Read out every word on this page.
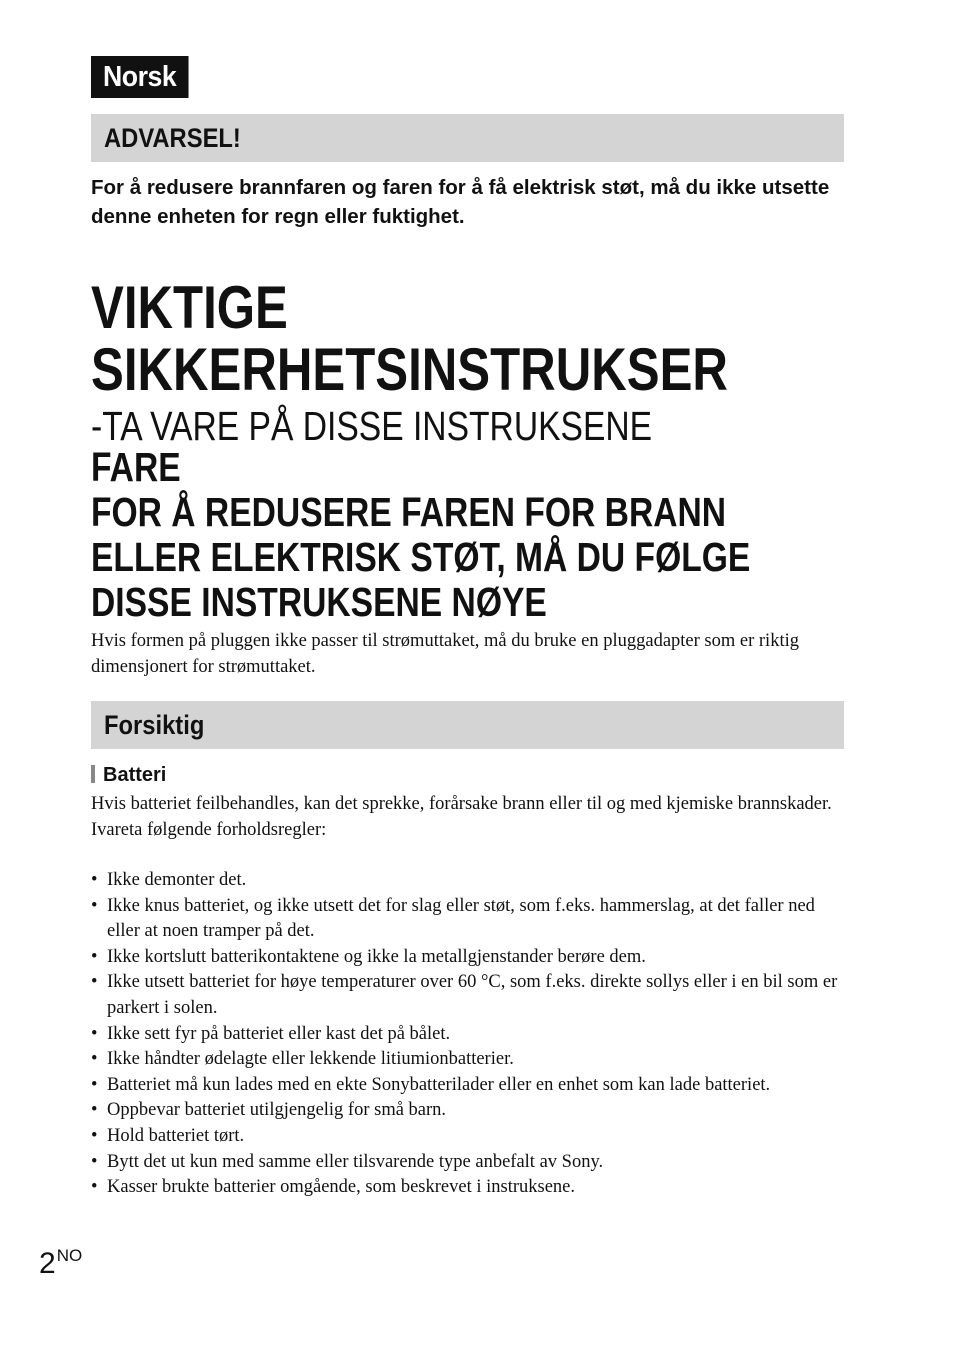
Norsk
ADVARSEL!
For å redusere brannfaren og faren for å få elektrisk støt, må du ikke utsette denne enheten for regn eller fuktighet.
VIKTIGE
SIKKERHETSINSTRUKSER
-TA VARE PÅ DISSE INSTRUKSENE
FARE
FOR Å REDUSERE FAREN FOR BRANN
ELLER ELEKTRISK STØT, MÅ DU FØLGE
DISSE INSTRUKSENE NØYE
Hvis formen på pluggen ikke passer til strømuttaket, må du bruke en pluggadapter som er riktig dimensjonert for strømuttaket.
Forsiktig
Batteri
Hvis batteriet feilbehandles, kan det sprekke, forårsake brann eller til og med kjemiske brannskader. Ivareta følgende forholdsregler:
• Ikke demonter det.
• Ikke knus batteriet, og ikke utsett det for slag eller støt, som f.eks. hammerslag, at det faller ned eller at noen tramper på det.
• Ikke kortslutt batterikontaktene og ikke la metallgjenstander berøre dem.
• Ikke utsett batteriet for høye temperaturer over 60 °C, som f.eks. direkte sollys eller i en bil som er parkert i solen.
• Ikke sett fyr på batteriet eller kast det på bålet.
• Ikke håndter ødelagte eller lekkende litiumionbatterier.
• Batteriet må kun lades med en ekte Sonybatterilader eller en enhet som kan lade batteriet.
• Oppbevar batteriet utilgjengelig for små barn.
• Hold batteriet tørt.
• Bytt det ut kun med samme eller tilsvarende type anbefalt av Sony.
• Kasser brukte batterier omgående, som beskrevet i instruksene.
$2^{NO}$
